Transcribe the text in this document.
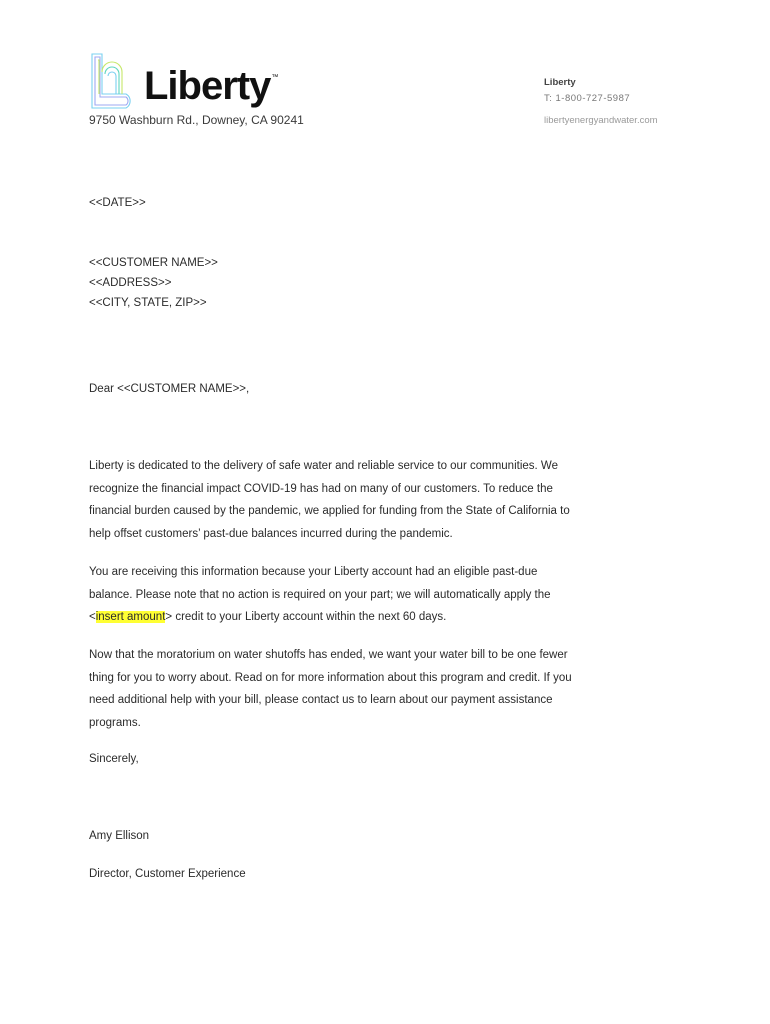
Liberty ™
9750 Washburn Rd., Downey, CA 90241
Liberty
T: 1-800-727-5987
libertyenergyandwater.com
<<DATE>>
<<CUSTOMER NAME>>
<<ADDRESS>>
<<CITY, STATE, ZIP>>
Dear <<CUSTOMER NAME>>,

Liberty is dedicated to the delivery of safe water and reliable service to our communities. We

recognize the financial impact COVID-19 has had on many of our customers. To reduce the

financial burden caused by the pandemic, we applied for funding from the State of California to

help offset customers’ past-due balances incurred during the pandemic.

You are receiving this information because your Liberty account had an eligible past-due

balance. Please note that no action is required on your part; we will automatically apply the

<insert amount> credit to your Liberty account within the next 60 days.

Now that the moratorium on water shutoffs has ended, we want your water bill to be one fewer

thing for you to worry about. Read on for more information about this program and credit. If you

need additional help with your bill, please contact us to learn about our payment assistance

programs.

Sincerely,
Amy Ellison
Director, Customer Experience
